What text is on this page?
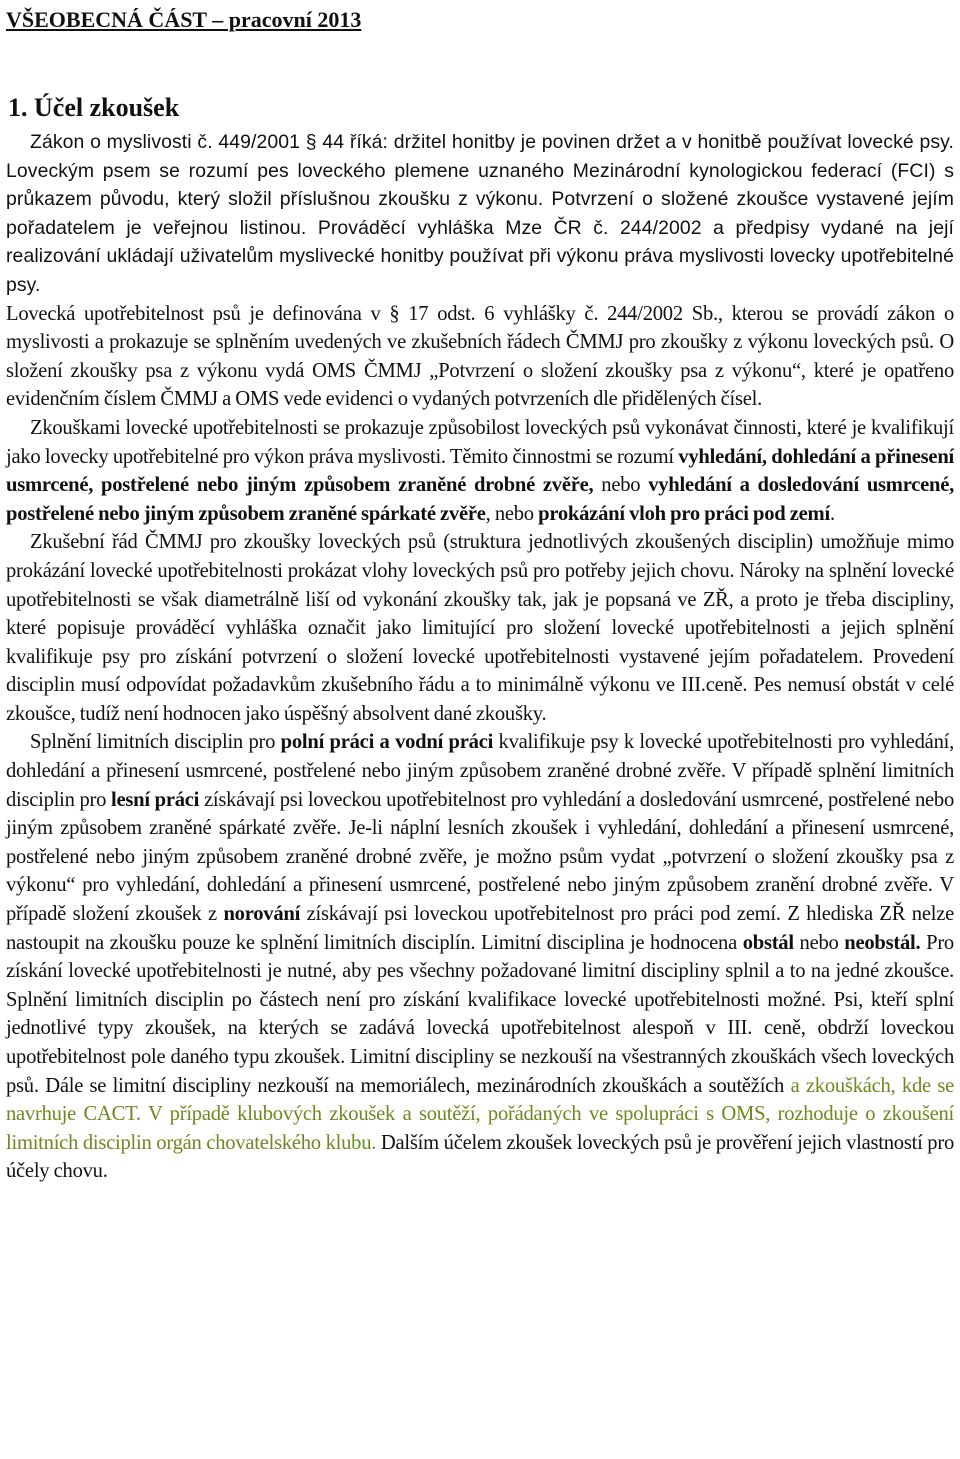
VŠEOBECNÁ ČÁST – pracovní 2013
1. Účel zkoušek

Zákon o myslivosti č. 449/2001 § 44 říká: držitel honitby je povinen držet a v honitbě používat lovecké psy. Loveckým psem se rozumí pes loveckého plemene uznaného Mezinárodní kynologickou federací (FCI) s průkazem původu, který složil příslušnou zkoušku z výkonu. Potvrzení o složené zkoušce vystavené jejím pořadatelem je veřejnou listinou. Prováděcí vyhláška Mze ČR č. 244/2002 a předpisy vydané na její realizování ukládají uživatelům myslivecké honitby používat při výkonu práva myslivosti lovecky upotřebitelné psy.

Lovecká upotřebitelnost psů je definována v § 17 odst. 6 vyhlášky č. 244/2002 Sb., kterou se provádí zákon o myslivosti a prokazuje se splněním uvedených ve zkušebních řádech ČMMJ pro zkoušky z výkonu loveckých psů. O složení zkoušky psa z výkonu vydá OMS ČMMJ „Potvrzení o složení zkoušky psa z výkonu“, které je opatřeno evidenčním číslem ČMMJ a OMS vede evidenci o vydaných potvrzeních dle přidělených čísel.

Zkouškami lovecké upotřebitelnosti se prokazuje způsobilost loveckých psů vykonávat činnosti, které je kvalifikují jako lovecky upotřebitelné pro výkon práva myslivosti. Těmito činnostmi se rozumí vyhledání, dohledání a přinesení usmrcené, postřelené nebo jiným způsobem zraněné drobné zvěře, nebo vyhledání a dosledování usmrcené, postřelené nebo jiným způsobem zraněné spárkaté zvěře, nebo prokázání vloh pro práci pod zemí.

Zkušební řád ČMMJ pro zkoušky loveckých psů (struktura jednotlivých zkoušených disciplin) umožňuje mimo prokázání lovecké upotřebitelnosti prokázat vlohy loveckých psů pro potřeby jejich chovu. Nároky na splnění lovecké upotřebitelnosti se však diametrálně liší od vykonání zkoušky tak, jak je popsaná ve ZŘ, a proto je třeba discipliny, které popisuje prováděcí vyhláška označit jako limitující pro složení lovecké upotřebitelnosti a jejich splnění kvalifikuje psy pro získání potvrzení o složení lovecké upotřebitelnosti vystavené jejím pořadatelem. Provedení disciplin musí odpovídat požadavkům zkušebního řádu a to minimálně výkonu ve III.ceně. Pes nemusí obstát v celé zkoušce, tudíž není hodnocen jako úspěšný absolvent dané zkoušky.

Splnění limitních disciplin pro polní práci a vodní práci kvalifikuje psy k lovecké upotřebitelnosti pro vyhledání, dohledání a přinesení usmrcené, postřelené nebo jiným způsobem zraněné drobné zvěře. V případě splnění limitních disciplin pro lesní práci získávají psi loveckou upotřebitelnost pro vyhledání a dosledování usmrcené, postřelené nebo jiným způsobem zraněné spárkaté zvěře. Je-li náplní lesních zkoušek i vyhledání, dohledání a přinesení usmrcené, postřelené nebo jiným způsobem zraněné drobné zvěře, je možno psům vydat „potvrzení o složení zkoušky psa z výkonu“ pro vyhledání, dohledání a přinesení usmrcené, postřelené nebo jiným způsobem zranění drobné zvěře. V případě složení zkoušek z norování získávají psi loveckou upotřebitelnost pro práci pod zemí. Z hlediska ZŘ nelze nastoupit na zkoušku pouze ke splnění limitních disciplín. Limitní disciplina je hodnocena obstál nebo neobstál. Pro získání lovecké upotřebitelnosti je nutné, aby pes všechny požadované limitní discipliny splnil a to na jedné zkoušce. Splnění limitních disciplin po částech není pro získání kvalifikace lovecké upotřebitelnosti možné. Psi, kteří splní jednotlivé typy zkoušek, na kterých se zadává lovecká upotřebitelnost alespoň v III. ceně, obdrží loveckou upotřebitelnost pole daného typu zkoušek. Limitní discipliny se nezkouší na všestranných zkouškách všech loveckých psů. Dále se limitní discipliny nezkouší na memoriálech, mezinárodních zkouškách a soutěžích a zkouškách, kde se navrhuje CACT. V případě klubových zkoušek a soutěží, pořádaných ve spolupráci s OMS, rozhoduje o zkoušení limitních disciplin orgán chovatelského klubu. Dalším účelem zkoušek loveckých psů je prověření jejich vlastností pro účely chovu.
